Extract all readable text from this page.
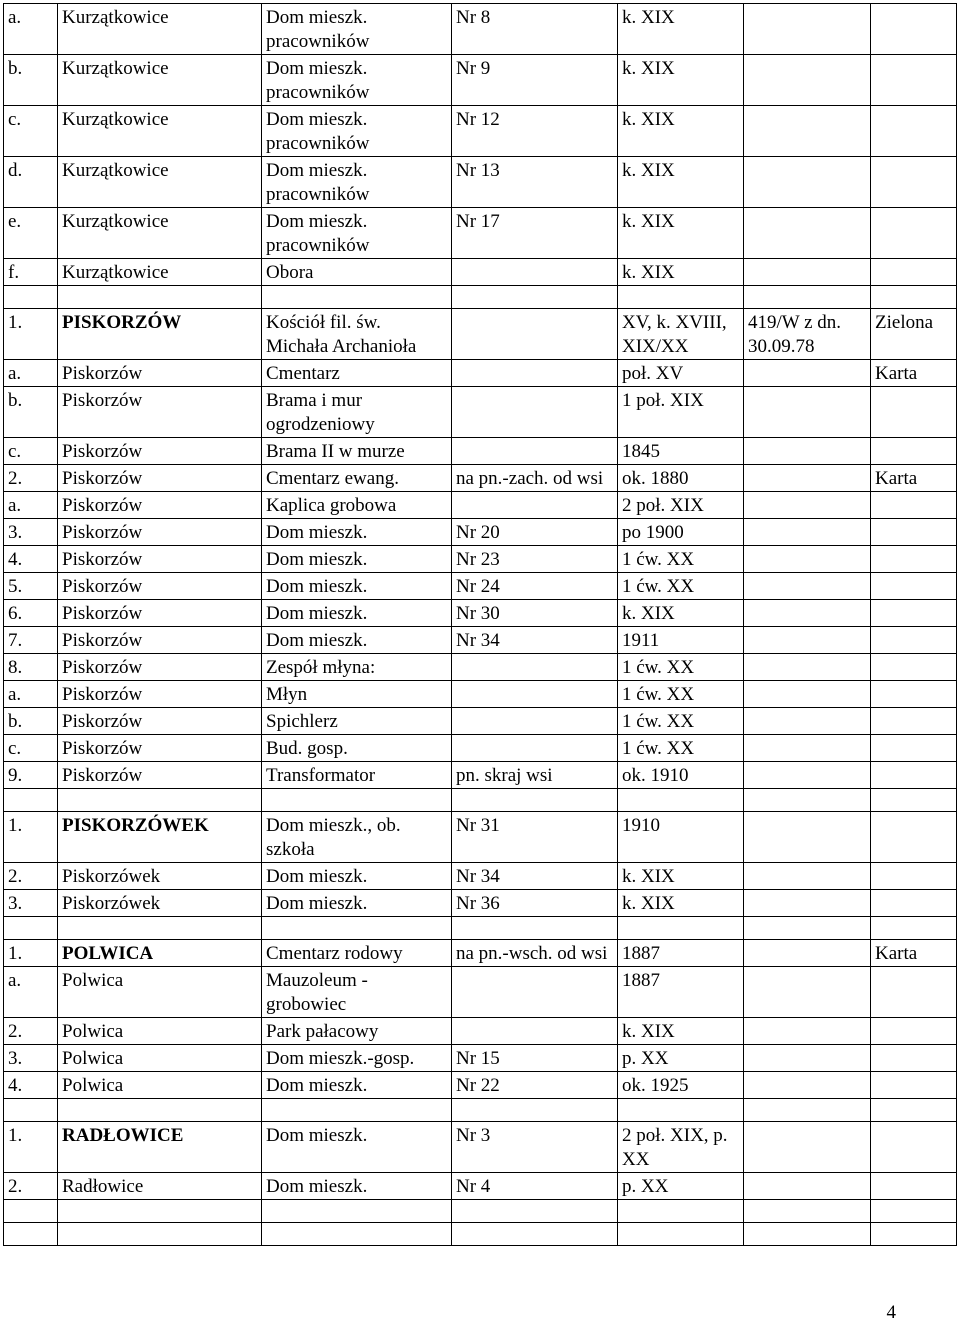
a.	Kurzątkowice	Dom mieszk. pracowników	Nr 8	k. XIX		
b.	Kurzątkowice	Dom mieszk. pracowników	Nr 9	k. XIX		
c.	Kurzątkowice	Dom mieszk. pracowników	Nr 12	k. XIX		
d.	Kurzątkowice	Dom mieszk. pracowników	Nr 13	k. XIX		
e.	Kurzątkowice	Dom mieszk. pracowników	Nr 17	k. XIX		
f.	Kurzątkowice	Obora		k. XIX		

1.	PISKORZÓW	Kościół fil. św. Michała Archanioła		XV, k. XVIII, XIX/XX	419/W z dn. 30.09.78	Zielona
a.	Piskorzów	Cmentarz		poł. XV		Karta
b.	Piskorzów	Brama i mur ogrodzeniowy		1 poł. XIX		
c.	Piskorzów	Brama II w murze		1845		
2.	Piskorzów	Cmentarz ewang.	na pn.-zach. od wsi	ok. 1880		Karta
a.	Piskorzów	Kaplica grobowa		2 poł. XIX		
3.	Piskorzów	Dom mieszk.	Nr 20	po 1900		
4.	Piskorzów	Dom mieszk.	Nr 23	1 ćw. XX		
5.	Piskorzów	Dom mieszk.	Nr 24	1 ćw. XX		
6.	Piskorzów	Dom mieszk.	Nr 30	k. XIX		
7.	Piskorzów	Dom mieszk.	Nr 34	1911		
8.	Piskorzów	Zespół młyna:		1 ćw. XX		
a.	Piskorzów	Młyn		1 ćw. XX		
b.	Piskorzów	Spichlerz		1 ćw. XX		
c.	Piskorzów	Bud. gosp.		1 ćw. XX		
9.	Piskorzów	Transformator	pn. skraj wsi	ok. 1910		

1.	PISKORZÓWEK	Dom mieszk., ob. szkoła	Nr 31	1910		
2.	Piskorzówek	Dom mieszk.	Nr 34	k. XIX		
3.	Piskorzówek	Dom mieszk.	Nr 36	k. XIX		

1.	POLWICA	Cmentarz rodowy	na pn.-wsch. od wsi	1887		Karta
a.	Polwica	Mauzoleum - grobowiec		1887		
2.	Polwica	Park pałacowy		k. XIX		
3.	Polwica	Dom mieszk.-gosp.	Nr 15	p. XX		
4.	Polwica	Dom mieszk.	Nr 22	ok. 1925		

1.	RADŁOWICE	Dom mieszk.	Nr 3	2 poł. XIX, p. XX		
2.	Radłowice	Dom mieszk.	Nr 4	p. XX		

4
